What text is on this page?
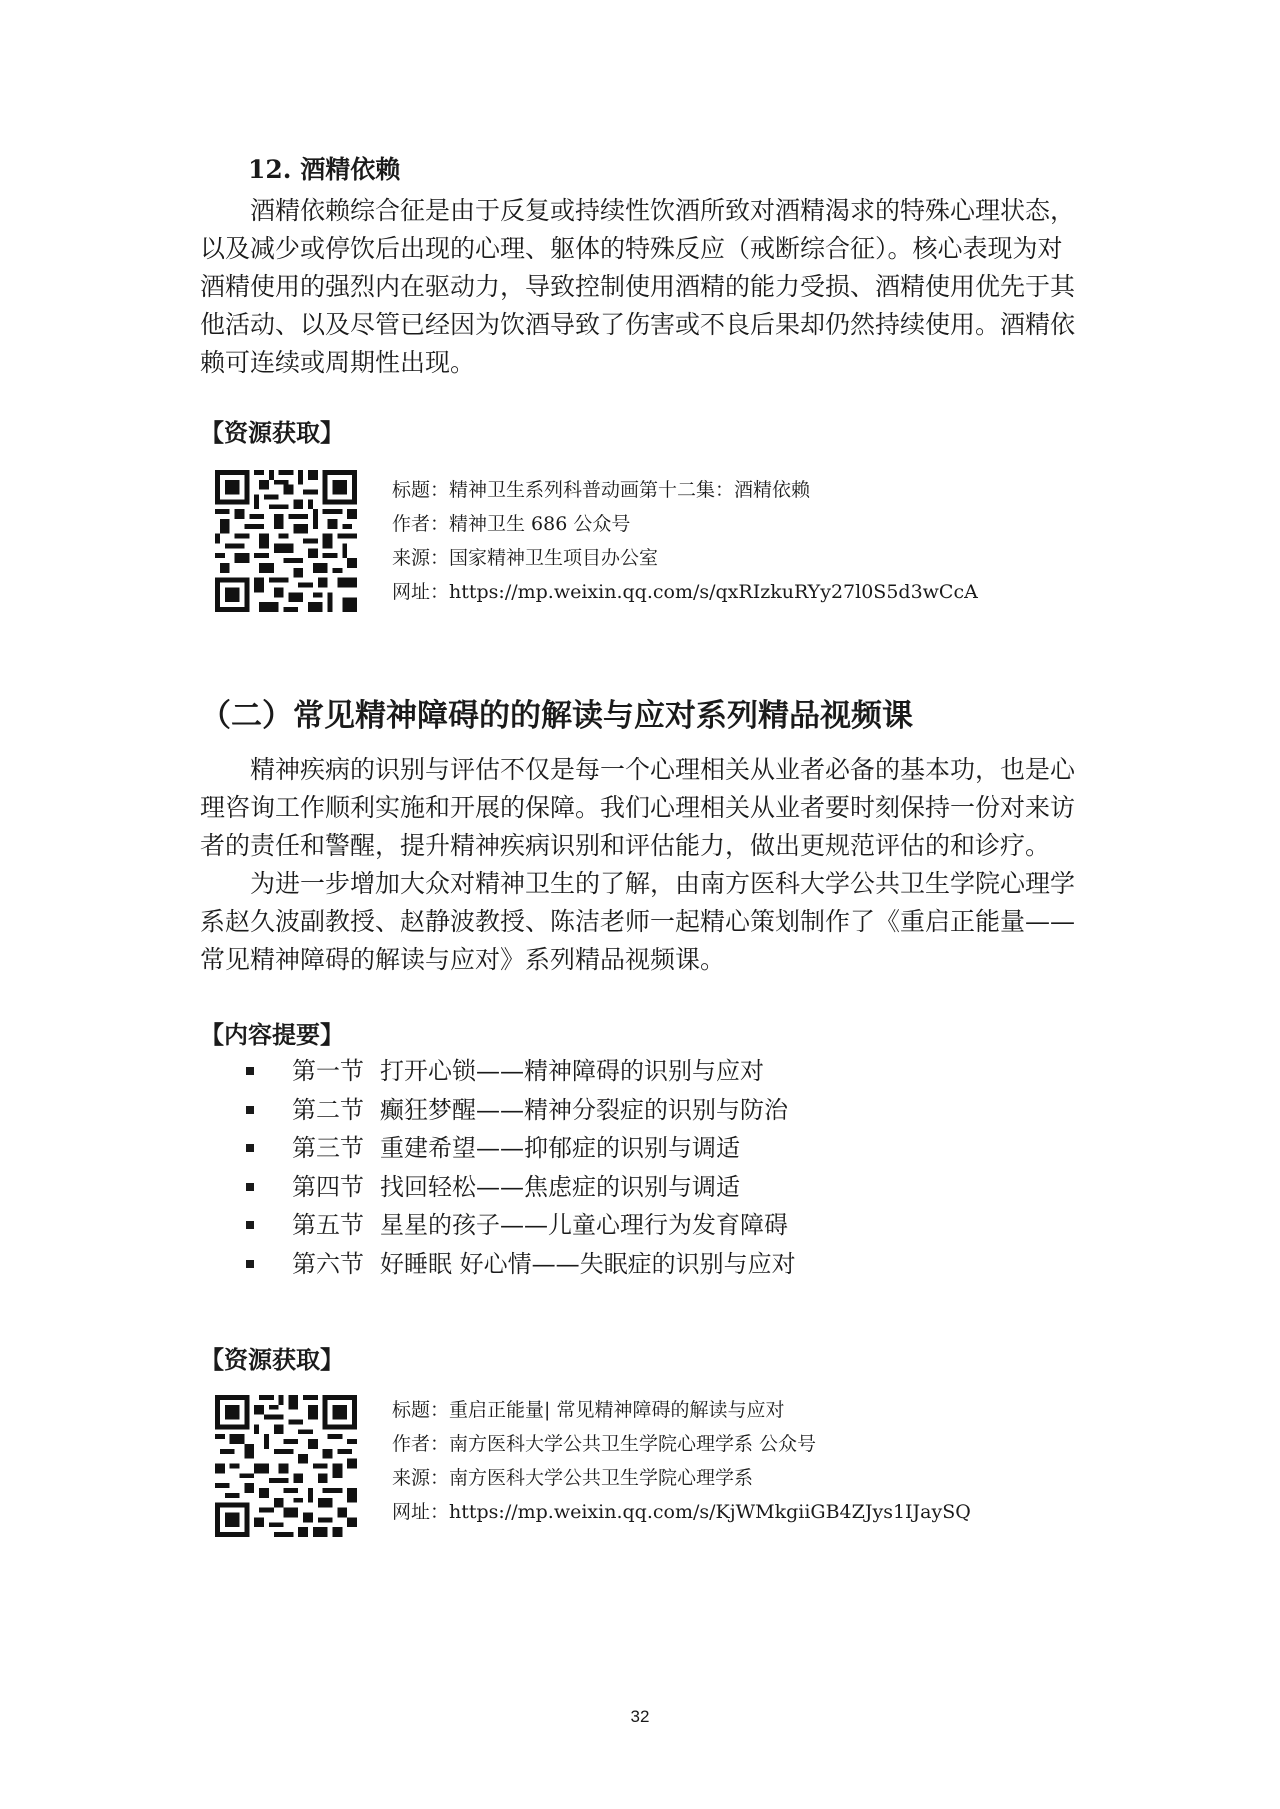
12. 酒精依赖
酒精依赖综合征是由于反复或持续性饮酒所致对酒精渴求的特殊心理状态，
以及减少或停饮后出现的心理、躯体的特殊反应（戒断综合征）。核心表现为对
酒精使用的强烈内在驱动力，导致控制使用酒精的能力受损、酒精使用优先于其
他活动、以及尽管已经因为饮酒导致了伤害或不良后果却仍然持续使用。酒精依
赖可连续或周期性出现。
【资源获取】
标题：精神卫生系列科普动画第十二集：酒精依赖
作者：精神卫生 686 公众号
来源：国家精神卫生项目办公室
网址：https://mp.weixin.qq.com/s/qxRIzkuRYy27l0S5d3wCcA
（二）常见精神障碍的的解读与应对系列精品视频课
精神疾病的识别与评估不仅是每一个心理相关从业者必备的基本功，也是心
理咨询工作顺利实施和开展的保障。我们心理相关从业者要时刻保持一份对来访
者的责任和警醒，提升精神疾病识别和评估能力，做出更规范评估的和诊疗。
为进一步增加大众对精神卫生的了解，由南方医科大学公共卫生学院心理学
系赵久波副教授、赵静波教授、陈洁老师一起精心策划制作了《重启正能量——
常见精神障碍的解读与应对》系列精品视频课。
【内容提要】
第一节 打开心锁——精神障碍的识别与应对
第二节 癫狂梦醒——精神分裂症的识别与防治
第三节 重建希望——抑郁症的识别与调适
第四节 找回轻松——焦虑症的识别与调适
第五节 星星的孩子——儿童心理行为发育障碍
第六节 好睡眠 好心情——失眠症的识别与应对
【资源获取】
标题：重启正能量| 常见精神障碍的解读与应对
作者：南方医科大学公共卫生学院心理学系 公众号
来源：南方医科大学公共卫生学院心理学系
网址：https://mp.weixin.qq.com/s/KjWMkgiiGB4ZJys1IJaySQ
32
